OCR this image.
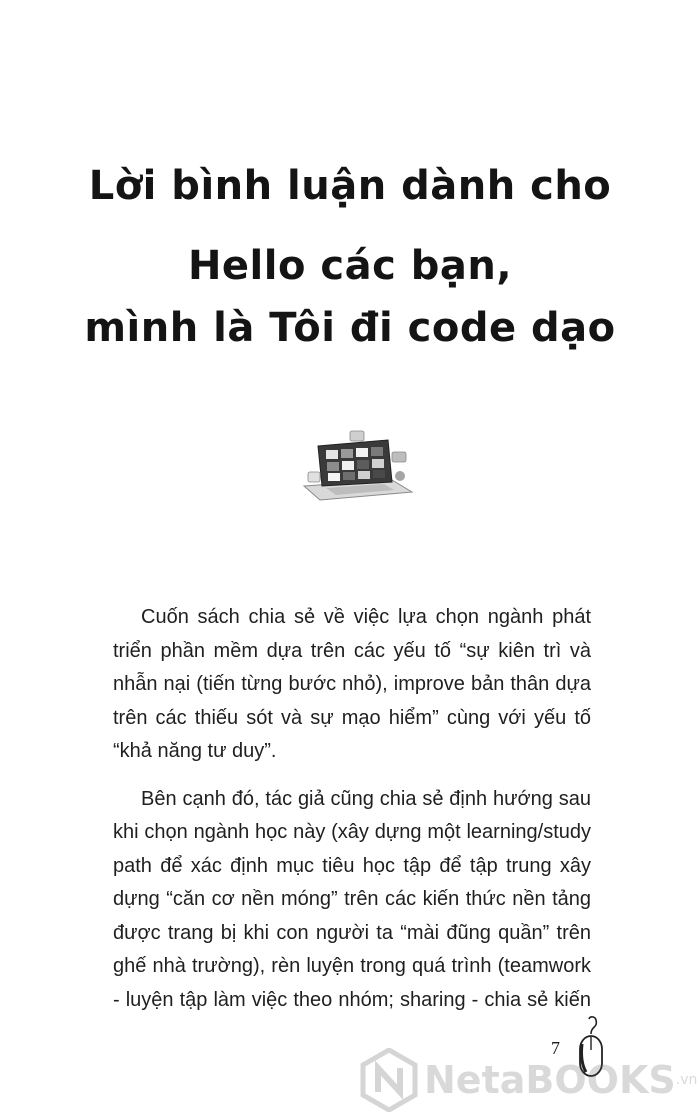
Lời bình luận dành cho
Hello các bạn,
mình là Tôi đi code dạo

Cuốn sách chia sẻ về việc lựa chọn ngành phát
triển phần mềm dựa trên các yếu tố “sự kiên trì và
nhẫn nại (tiến từng bước nhỏ), improve bản thân dựa
trên các thiếu sót và sự mạo hiểm” cùng với yếu tố
“khả năng tư duy”.

Bên cạnh đó, tác giả cũng chia sẻ định hướng sau
khi chọn ngành học này (xây dựng một learning/study
path để xác định mục tiêu học tập để tập trung xây
dựng “căn cơ nền móng” trên các kiến thức nền tảng
được trang bị khi con người ta “mài đũng quần” trên
ghế nhà trường), rèn luyện trong quá trình (teamwork
- luyện tập làm việc theo nhóm; sharing - chia sẻ kiến

7
NetaBOOKS .vn
